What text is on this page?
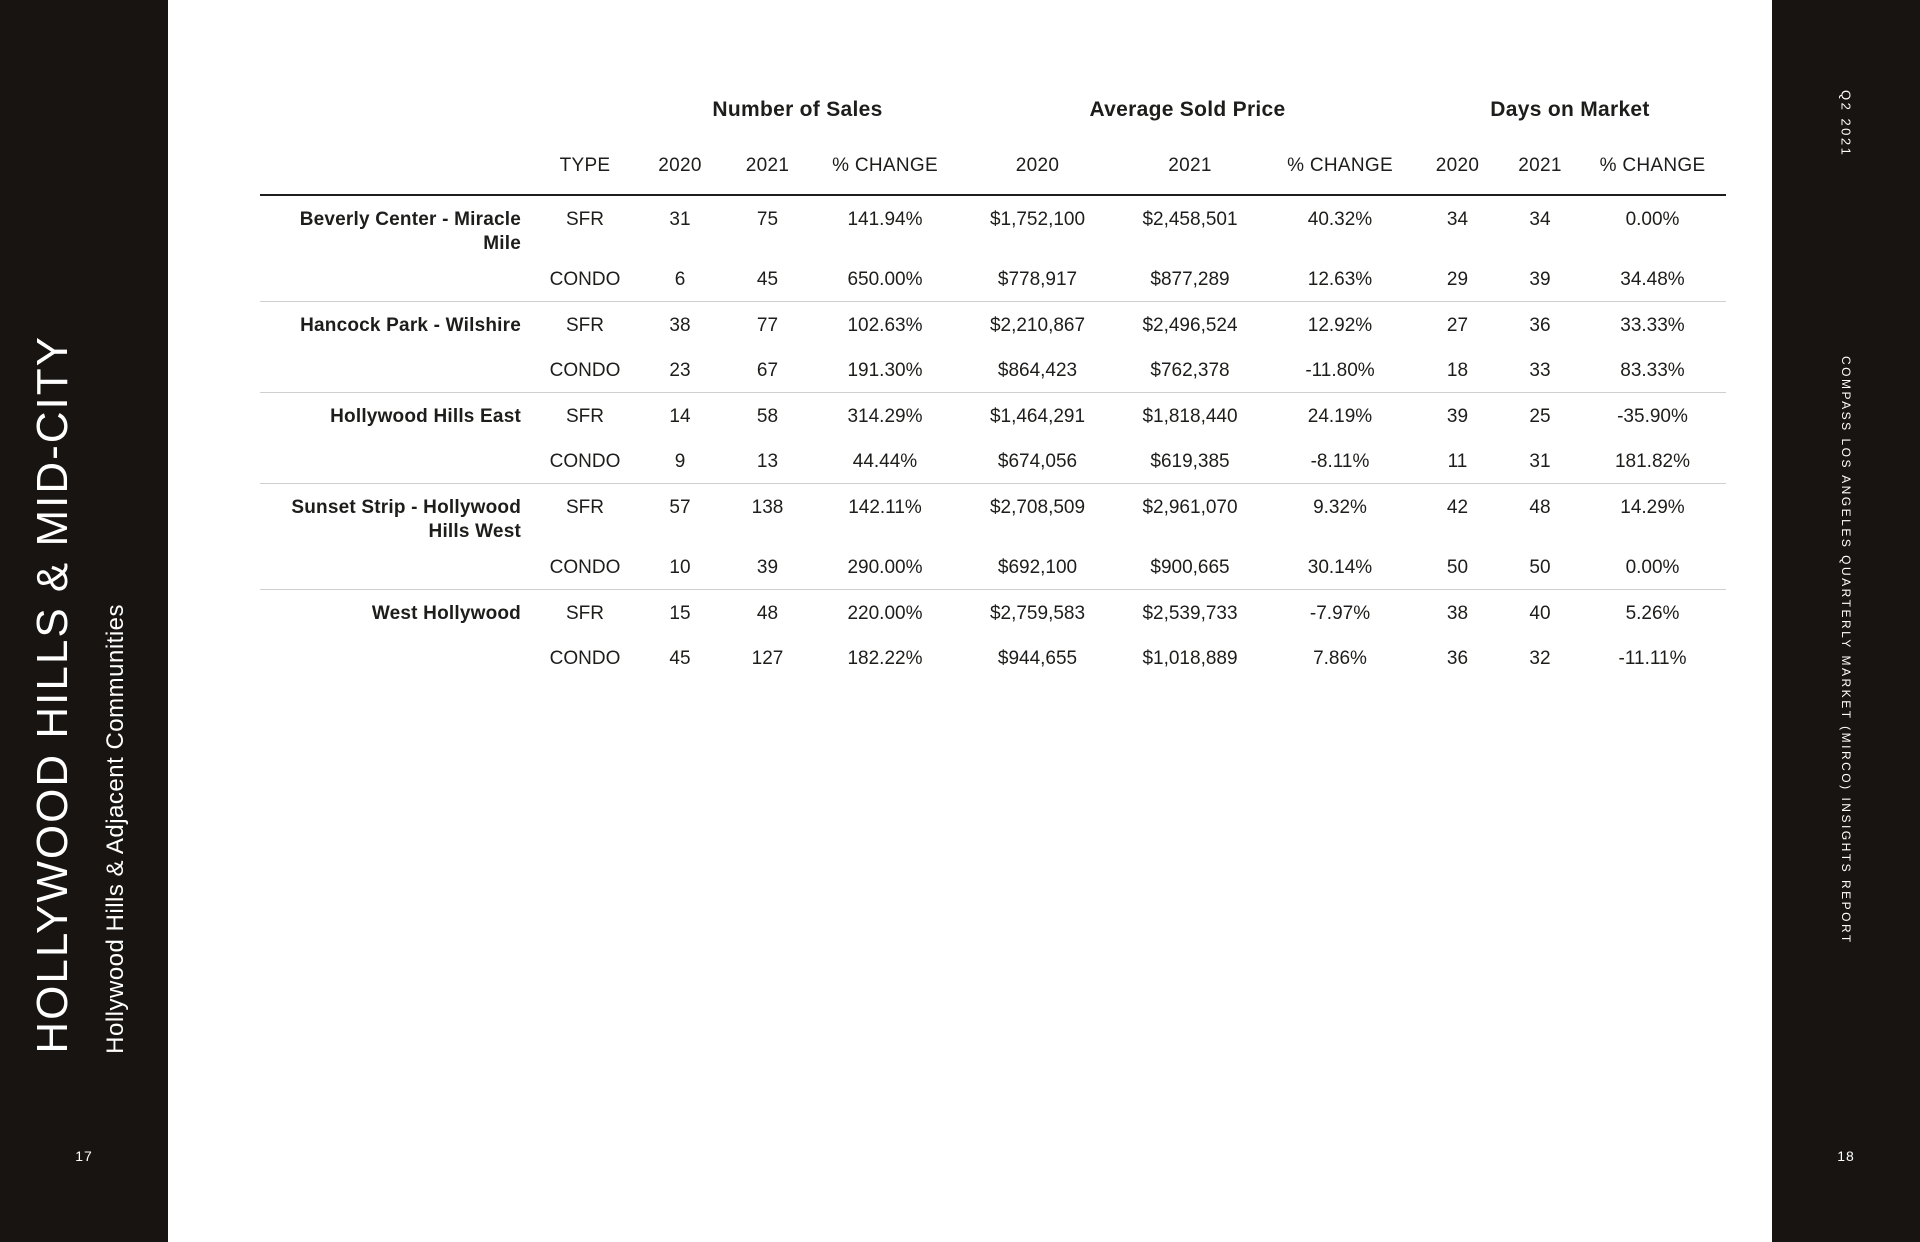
HOLLYWOOD HILLS & MID-CITY Hollywood Hills & Adjacent Communities
17
Q2 2021
COMPASS LOS ANGELES QUARTERLY MARKET (MIRCO) INSIGHTS REPORT
18
Number of Sales	Average Sold Price	Days on Market
TYPE	2020	2021	% CHANGE	2020	2021	% CHANGE	2020	2021	% CHANGE
Beverly Center - Miracle Mile
SFR	31	75	141.94%	$1,752,100	$2,458,501	40.32%	34	34	0.00%
CONDO	6	45	650.00%	$778,917	$877,289	12.63%	29	39	34.48%
Hancock Park - Wilshire	SFR	38	77	102.63%	$2,210,867	$2,496,524	12.92%	27	36	33.33%
CONDO	23	67	191.30%	$864,423	$762,378	-11.80%	18	33	83.33%
Hollywood Hills East	SFR	14	58	314.29%	$1,464,291	$1,818,440	24.19%	39	25	-35.90%
CONDO	9	13	44.44%	$674,056	$619,385	-8.11%	11	31	181.82%
Sunset Strip - Hollywood Hills West
SFR	57	138	142.11%	$2,708,509	$2,961,070	9.32%	42	48	14.29%
CONDO	10	39	290.00%	$692,100	$900,665	30.14%	50	50	0.00%
West Hollywood	SFR	15	48	220.00%	$2,759,583	$2,539,733	-7.97%	38	40	5.26%
CONDO	45	127	182.22%	$944,655	$1,018,889	7.86%	36	32	-11.11%
